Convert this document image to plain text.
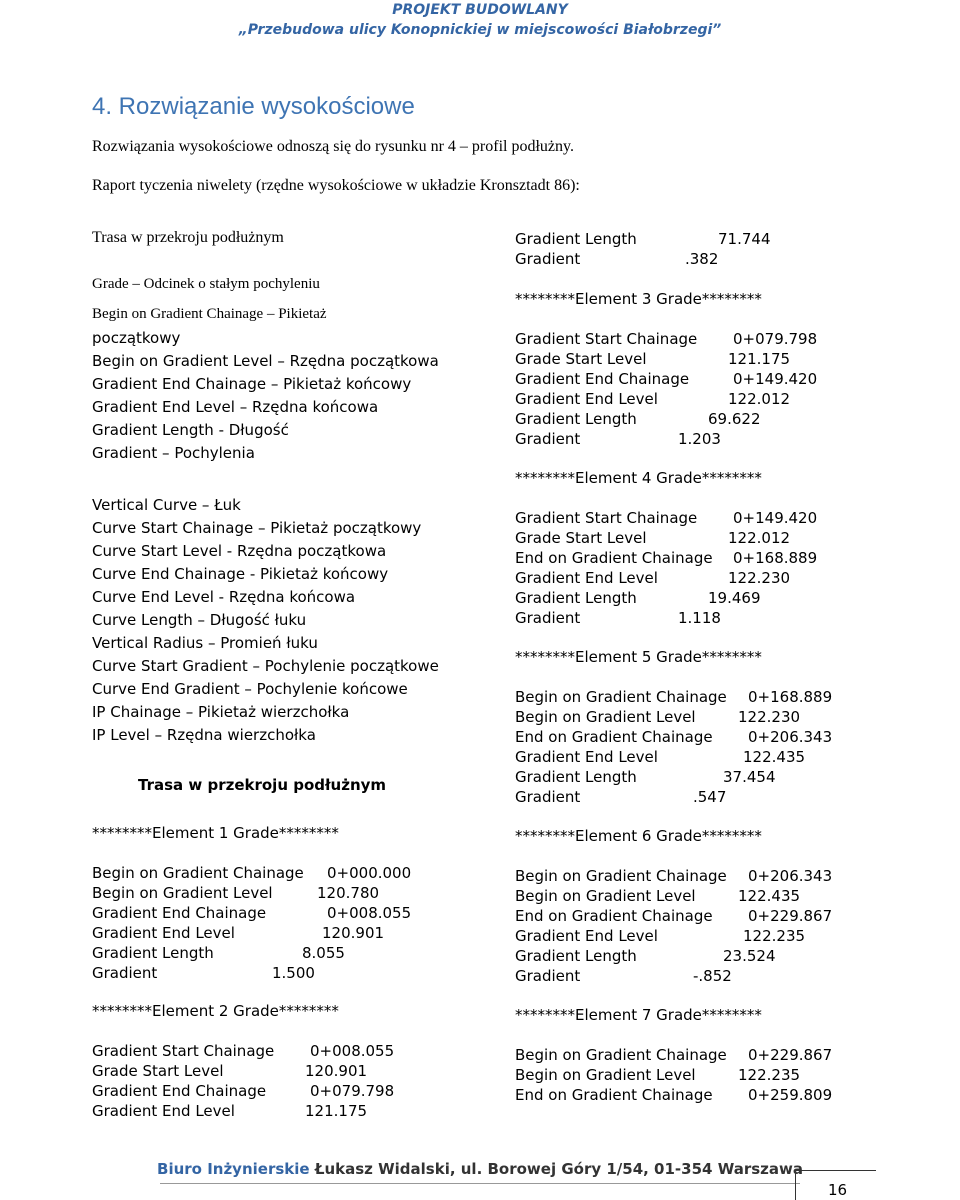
PROJEKT BUDOWLANY
„Przebudowa ulicy Konopnickiej w miejscowości Białobrzegi”
4. Rozwiązanie wysokościowe
Rozwiązania wysokościowe odnoszą się do rysunku nr 4 – profil podłużny.
Raport tyczenia niwelety (rzędne wysokościowe w układzie Kronsztadt 86):
Trasa w przekroju podłużnym
Grade – Odcinek o stałym pochyleniu
Begin on Gradient Chainage – Pikietaż
początkowy
Begin on Gradient Level – Rzędna początkowa
Gradient End Chainage – Pikietaż końcowy
Gradient End Level – Rzędna końcowa
Gradient Length - Długość
Gradient – Pochylenia
Vertical Curve – Łuk
Curve Start Chainage – Pikietaż początkowy
Curve Start Level - Rzędna początkowa
Curve End Chainage - Pikietaż końcowy
Curve End Level - Rzędna końcowa
Curve Length – Długość łuku
Vertical Radius – Promień łuku
Curve Start Gradient – Pochylenie początkowe
Curve End Gradient – Pochylenie końcowe
IP Chainage – Pikietaż wierzchołka
IP Level – Rzędna wierzchołka
Trasa w przekroju podłużnym
********Element 1 Grade********
Begin on Gradient Chainage 0+000.000
Begin on Gradient Level	120.780
Gradient End Chainage	0+008.055
Gradient End Level	120.901
Gradient Length	8.055
Gradient	1.500
********Element 2 Grade********
Gradient Start Chainage 0+008.055
Grade Start Level	120.901
Gradient End Chainage	0+079.798
Gradient End Level	121.175
Gradient Length	71.744
Gradient	.382
********Element 3 Grade********
Gradient Start Chainage 0+079.798
Grade Start Level	121.175
Gradient End Chainage	0+149.420
Gradient End Level	122.012
Gradient Length	69.622
Gradient	1.203
********Element 4 Grade********
Gradient Start Chainage 0+149.420
Grade Start Level	122.012
End on Gradient Chainage 0+168.889
Gradient End Level	122.230
Gradient Length	19.469
Gradient	1.118
********Element 5 Grade********
Begin on Gradient Chainage 0+168.889
Begin on Gradient Level	122.230
End on Gradient Chainage 0+206.343
Gradient End Level	122.435
Gradient Length	37.454
Gradient	.547
********Element 6 Grade********
Begin on Gradient Chainage 0+206.343
Begin on Gradient Level	122.435
End on Gradient Chainage 0+229.867
Gradient End Level	122.235
Gradient Length	23.524
Gradient	-.852
********Element 7 Grade********
Begin on Gradient Chainage 0+229.867
Begin on Gradient Level	122.235
End on Gradient Chainage 0+259.809
Biuro Inżynierskie Łukasz Widalski, ul. Borowej Góry 1/54, 01-354 Warszawa
16
